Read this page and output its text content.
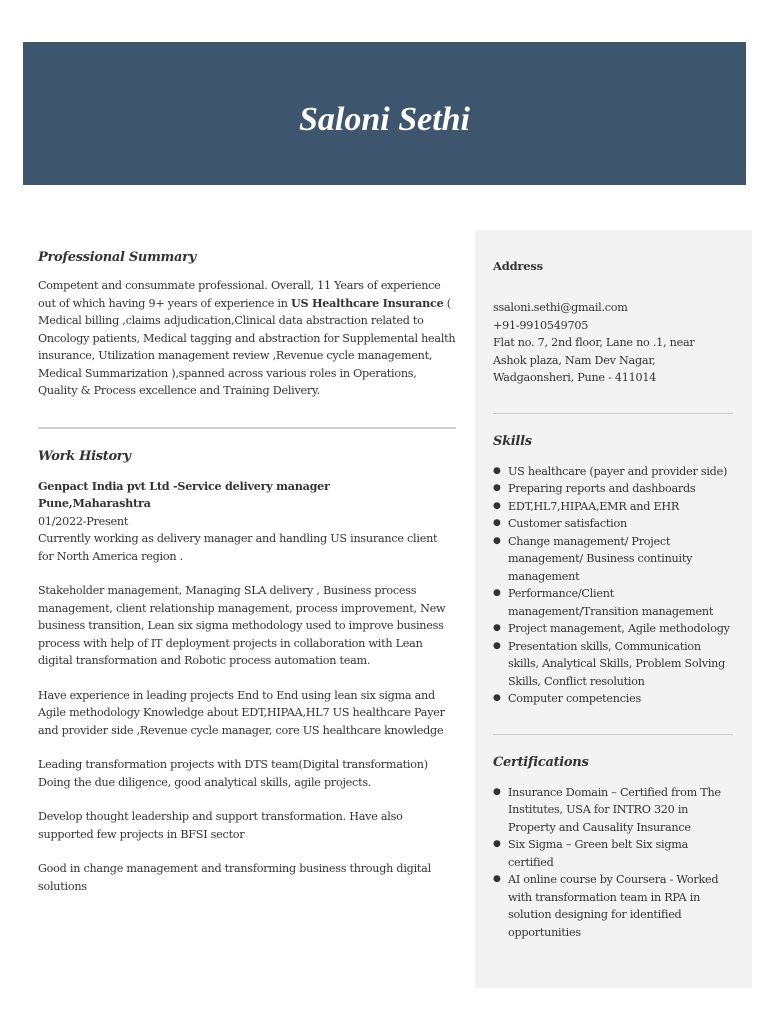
Saloni Sethi
Professional Summary

Competent and consummate professional. Overall, 11 Years of experience out of which having 9+ years of experience in US Healthcare Insurance ( Medical billing ,claims adjudication,Clinical data abstraction related to Oncology patients, Medical tagging and abstraction for Supplemental health insurance, Utilization management review ,Revenue cycle management, Medical Summarization ),spanned across various roles in Operations, Quality & Process excellence and Training Delivery.

Work History
Genpact India pvt Ltd -Service delivery manager
Pune,Maharashtra
01/2022-Present

Currently working as delivery manager and handling US insurance client for North America region .

Stakeholder management, Managing SLA delivery , Business process management, client relationship management, process improvement, New business transition, Lean six sigma methodology used to improve business process with help of IT deployment projects in collaboration with Lean digital transformation and Robotic process automation team.

Have experience in leading projects End to End using lean six sigma and Agile methodology Knowledge about EDT,HIPAA,HL7 US healthcare Payer and provider side ,Revenue cycle manager, core US healthcare knowledge

Leading transformation projects with DTS team(Digital transformation) Doing the due diligence, good analytical skills, agile projects.

Develop thought leadership and support transformation. Have also supported few projects in BFSI sector

Good in change management and transforming business through digital solutions

Address
ssaloni.sethi@gmail.com
+91-9910549705
Flat no. 7, 2nd floor, Lane no .1, near
Ashok plaza, Nam Dev Nagar,
Wadgaonsheri, Pune - 411014
Skills
● US healthcare (payer and provider side)
● Preparing reports and dashboards
● EDT,HL7,HIPAA,EMR and EHR
● Customer satisfaction
● Change management/ Project management/ Business continuity management
● Performance/Client management/Transition management
● Project management, Agile methodology
● Presentation skills, Communication skills, Analytical Skills, Problem Solving Skills, Conflict resolution
● Computer competencies
Certifications
● Insurance Domain – Certified from The Institutes, USA for INTRO 320 in Property and Causality Insurance
● Six Sigma – Green belt Six sigma certified
● AI online course by Coursera - Worked with transformation team in RPA in solution designing for identified opportunities
